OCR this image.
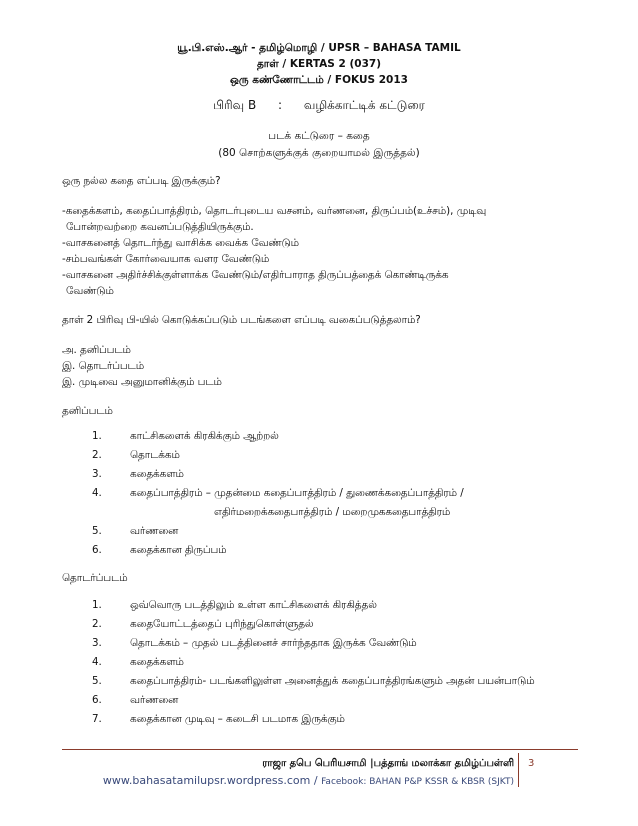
யூ.பி.எஸ்.ஆர் - தமிழ்மொழி / UPSR – BAHASA TAMIL
தாள் / KERTAS 2 (037)
ஒரு கண்ணோட்டம் / FOKUS 2013
பிரிவு B : வழிக்காட்டிக் கட்டுரை
படக் கட்டுரை – கதை
(80 சொற்களுக்குக் குறையாமல் இருத்தல்)

ஒரு நல்ல கதை எப்படி இருக்கும்?

-கதைக்களம், கதைப்பாத்திரம், தொடர்புடைய வசனம், வர்ணனை, திருப்பம்(உச்சம்), முடிவு

போன்றவற்றை கவனப்படுத்தியிருக்கும்.

-வாசகனைத் தொடர்ந்து வாசிக்க வைக்க வேண்டும்

-சம்பவங்கள் கோர்வையாக வளர வேண்டும்

-வாசகனை அதிர்ச்சிக்குள்ளாக்க வேண்டும்/எதிர்பாராத திருப்பத்தைக் கொண்டிருக்க

வேண்டும்

தாள் 2 பிரிவு பி-யில் கொடுக்கப்படும் படங்களை எப்படி வகைப்படுத்தலாம்?

அ. தனிப்படம்

இ. தொடர்ப்படம்

இ. முடிவை அனுமானிக்கும் படம்

தனிப்படம்

1.	காட்சிகளைக் கிரகிக்கும் ஆற்றல்
2.	தொடக்கம்
3.	கதைக்களம்
4.	கதைப்பாத்திரம் – முதன்மை கதைப்பாத்திரம் / துணைக்கதைப்பாத்திரம் /
எதிர்மறைக்கதைபாத்திரம் / மறைமுககதைபாத்திரம்
5.	வர்ணனை
6.	கதைக்கான திருப்பம்

தொடர்ப்படம்

1.	ஒவ்வொரு படத்திலும் உள்ள காட்சிகளைக் கிரகித்தல்
2.	கதையோட்டத்தைப் புரிந்துகொள்ளுதல்
3.	தொடக்கம் – முதல் படத்தினைச் சார்ந்ததாக இருக்க வேண்டும்
4.	கதைக்களம்
5.	கதைப்பாத்திரம்- படங்களிலுள்ள அனைத்துக் கதைப்பாத்திரங்களும் அதன் பயன்பாடும்
6.	வர்ணனை
7.	கதைக்கான முடிவு – கடைசி படமாக இருக்கும்
ராஜா தபெ பெரியசாமி |பத்தாங் மலாக்கா தமிழ்ப்பள்ளி
www.bahasatamilupsr.wordpress.com / Facebook: BAHAN P&P KSSR & KBSR (SJKT)
3
